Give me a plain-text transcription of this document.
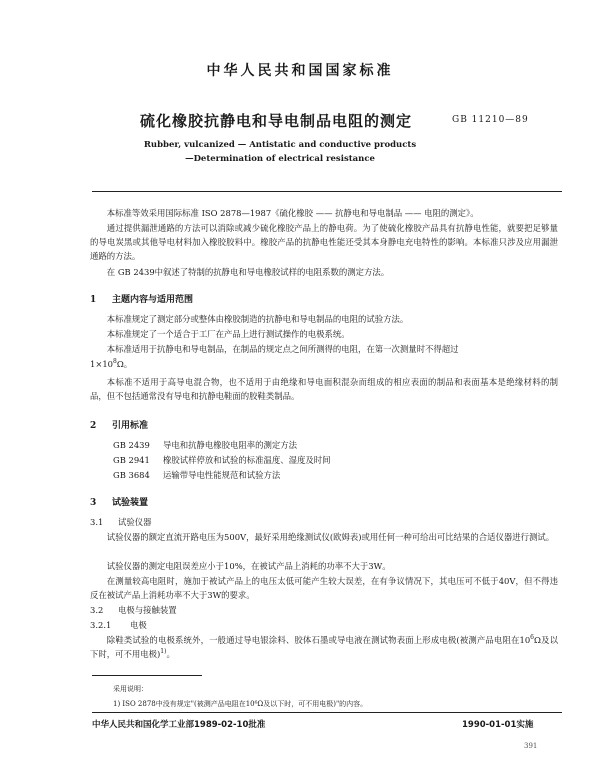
中华人民共和国国家标准
硫化橡胶抗静电和导电制品电阻的测定	GB 11210—89
Rubber, vulcanized — Antistatic and conductive products
—Determination of electrical resistance
本标准等效采用国际标准 ISO 2878—1987《硫化橡胶 —— 抗静电和导电制品 —— 电阻的测定》。
通过提供漏泄通路的方法可以消除或减少硫化橡胶产品上的静电荷。为了使硫化橡胶产品具有抗静电性能，就要把足够量的导电炭黑或其他导电材料加入橡胶胶料中。橡胶产品的抗静电性能还受其本身静电充电特性的影响。本标准只涉及应用漏泄通路的方法。
在 GB 2439中叙述了特制的抗静电和导电橡胶试样的电阻系数的测定方法。
1 主题内容与适用范围
本标准规定了测定部分或整体由橡胶制造的抗静电和导电制品的电阻的试验方法。
本标准规定了一个适合于工厂在产品上进行测试操作的电极系统。
本标准适用于抗静电和导电制品，在制品的规定点之间所测得的电阻，在第一次测量时不得超过
$1\times 10^8\Omega$。
本标准不适用于高导电混合物，也不适用于由绝缘和导电面积混杂而组成的相应表面的制品和表面基本是绝缘材料的制品，但不包括通常没有导电和抗静电鞋面的胶鞋类制品。
2 引用标准
GB 2439 导电和抗静电橡胶电阻率的测定方法
GB 2941 橡胶试样停放和试验的标准温度、湿度及时间
GB 3684 运输带导电性能规范和试验方法
3 试验装置
3.1 试验仪器
试验仪器的额定直流开路电压为500V，最好采用绝缘测试仪(欧姆表)或用任何一种可给出可比结果的合适仪器进行测试。
试验仪器的测定电阻误差应小于10%，在被试产品上消耗的功率不大于3W。
在测量较高电阻时，施加于被试产品上的电压太低可能产生较大误差，在有争议情况下，其电压可不低于40V，但不得违反在被试产品上消耗功率不大于3W的要求。
3.2 电极与接触装置
3.2.1 电极
除鞋类试验的电极系统外，一般通过导电银涂料、胶体石墨或导电液在测试物表面上形成电极(被测产品电阻在$10^6\Omega$及以下时，可不用电极)$^{1)}$。
采用说明：
1) ISO 2878中没有规定"(被测产品电阻在10⁶Ω及以下时，可不用电极)"的内容。
中华人民共和国化学工业部1989-02-10批准	1990-01-01实施
391
